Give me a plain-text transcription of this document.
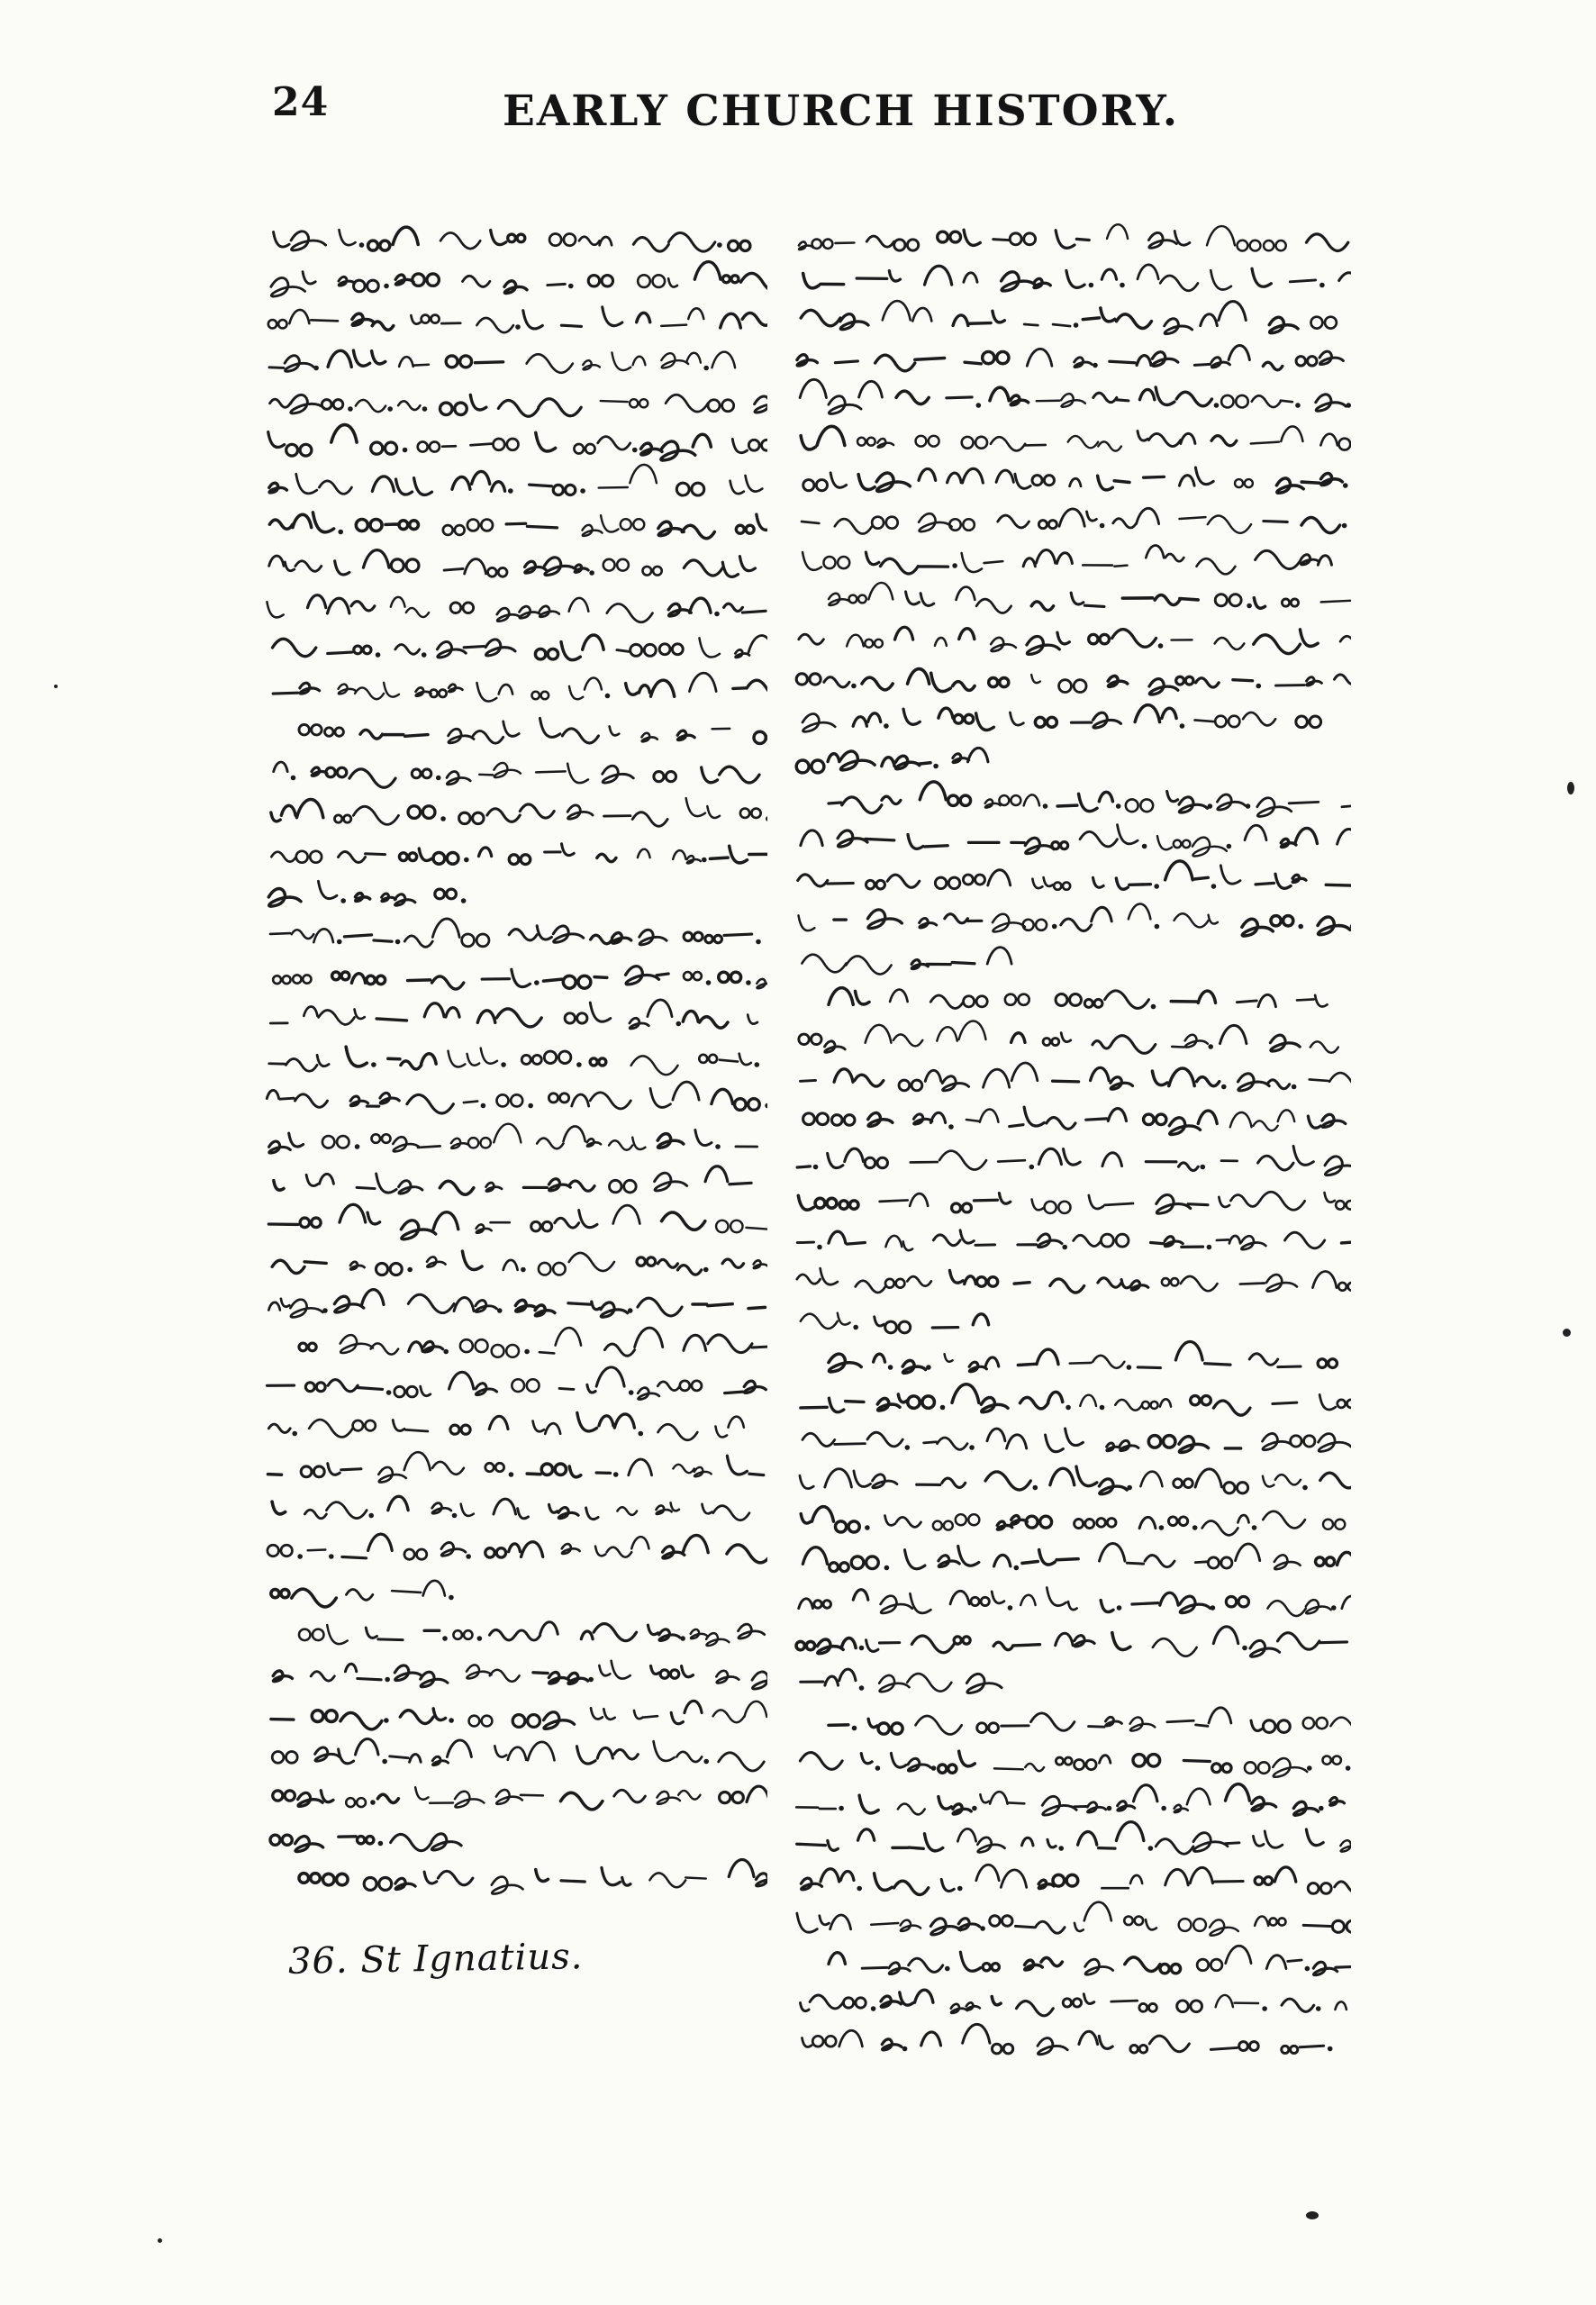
24	EARLY CHURCH HISTORY.
36. St Ignatius.
